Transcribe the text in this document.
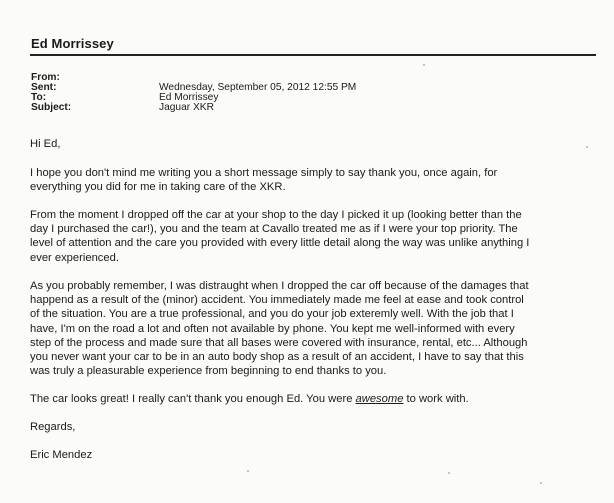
Ed Morrissey
From:
Sent:	Wednesday, September 05, 2012 12:55 PM
To:	Ed Morrissey
Subject:	Jaguar XKR
Hi Ed,
I hope you don't mind me writing you a short message simply to say thank you, once again, for
everything you did for me in taking care of the XKR.
From the moment I dropped off the car at your shop to the day I picked it up (looking better than the
day I purchased the car!), you and the team at Cavallo treated me as if I were your top priority. The
level of attention and the care you provided with every little detail along the way was unlike anything I
ever experienced.
As you probably remember, I was distraught when I dropped the car off because of the damages that
happend as a result of the (minor) accident. You immediately made me feel at ease and took control
of the situation. You are a true professional, and you do your job exteremly well. With the job that I
have, I'm on the road a lot and often not available by phone. You kept me well-informed with every
step of the process and made sure that all bases were covered with insurance, rental, etc... Although
you never want your car to be in an auto body shop as a result of an accident, I have to say that this
was truly a pleasurable experience from beginning to end thanks to you.
The car looks great! I really can't thank you enough Ed. You were awesome to work with.
Regards,
Eric Mendez
